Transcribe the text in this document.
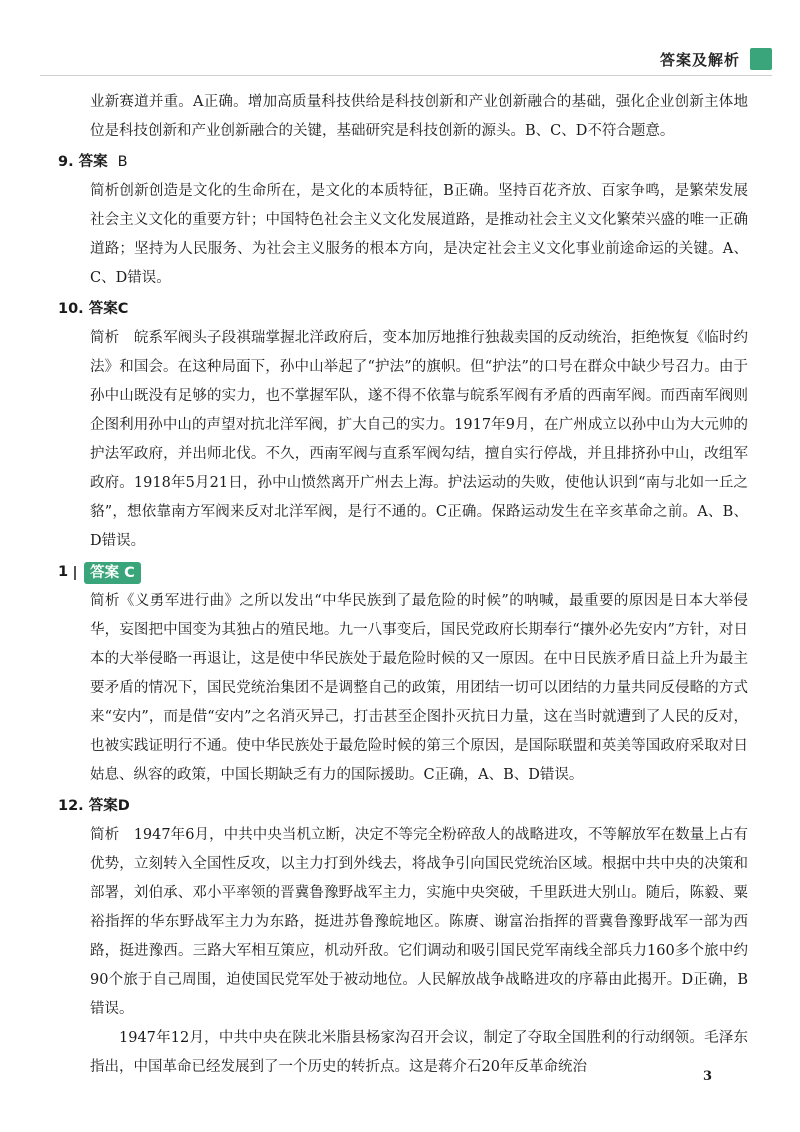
答案及解析

业新赛道并重。A正确。增加高质量科技供给是科技创新和产业创新融合的基础，强化企业创新主体地位是科技创新和产业创新融合的关键，基础研究是科技创新的源头。B、C、D不符合题意。

9. 答案 B

简析创新创造是文化的生命所在，是文化的本质特征，B正确。坚持百花齐放、百家争鸣，是繁荣发展社会主义文化的重要方针；中国特色社会主义文化发展道路，是推动社会主义文化繁荣兴盛的唯一正确道路；坚持为人民服务、为社会主义服务的根本方向，是决定社会主义文化事业前途命运的关键。A、C、D错误。

10. 答案C

简析　皖系军阀头子段祺瑞掌握北洋政府后，变本加厉地推行独裁卖国的反动统治，拒绝恢复《临时约法》和国会。在这种局面下，孙中山举起了“护法”的旗帜。但“护法”的口号在群众中缺少号召力。由于孙中山既没有足够的实力，也不掌握军队，遂不得不依靠与皖系军阀有矛盾的西南军阀。而西南军阀则企图利用孙中山的声望对抗北洋军阀，扩大自己的实力。1917年9月，在广州成立以孙中山为大元帅的护法军政府，并出师北伐。不久，西南军阀与直系军阀勾结，擅自实行停战，并且排挤孙中山，改组军政府。1918年5月21日，孙中山愤然离开广州去上海。护法运动的失败，使他认识到“南与北如一丘之貉”，想依靠南方军阀来反对北洋军阀，是行不通的。C正确。保路运动发生在辛亥革命之前。A、B、D错误。

1	答案 C

简析《义勇军进行曲》之所以发出“中华民族到了最危险的时候”的呐喊，最重要的原因是日本大举侵华，妄图把中国变为其独占的殖民地。九一八事变后，国民党政府长期奉行“攘外必先安内”方针，对日本的大举侵略一再退让，这是使中华民族处于最危险时候的又一原因。在中日民族矛盾日益上升为最主要矛盾的情况下，国民党统治集团不是调整自己的政策，用团结一切可以团结的力量共同反侵略的方式来“安内”，而是借“安内”之名消灭异己，打击甚至企图扑灭抗日力量，这在当时就遭到了人民的反对，也被实践证明行不通。使中华民族处于最危险时候的第三个原因，是国际联盟和英美等国政府采取对日姑息、纵容的政策，中国长期缺乏有力的国际援助。C正确，A、B、D错误。

12. 答案D

简析　1947年6月，中共中央当机立断，决定不等完全粉碎敌人的战略进攻，不等解放军在数量上占有优势，立刻转入全国性反攻，以主力打到外线去，将战争引向国民党统治区域。根据中共中央的决策和部署，刘伯承、邓小平率领的晋冀鲁豫野战军主力，实施中央突破，千里跃进大别山。随后，陈毅、粟裕指挥的华东野战军主力为东路，挺进苏鲁豫皖地区。陈赓、谢富治指挥的晋冀鲁豫野战军一部为西路，挺进豫西。三路大军相互策应，机动歼敌。它们调动和吸引国民党军南线全部兵力160多个旅中约90个旅于自己周围，迫使国民党军处于被动地位。人民解放战争战略进攻的序幕由此揭开。D正确，B错误。

1947年12月，中共中央在陕北米脂县杨家沟召开会议，制定了夺取全国胜利的行动纲领。毛泽东指出，中国革命已经发展到了一个历史的转折点。这是蒋介石20年反革命统治

3
